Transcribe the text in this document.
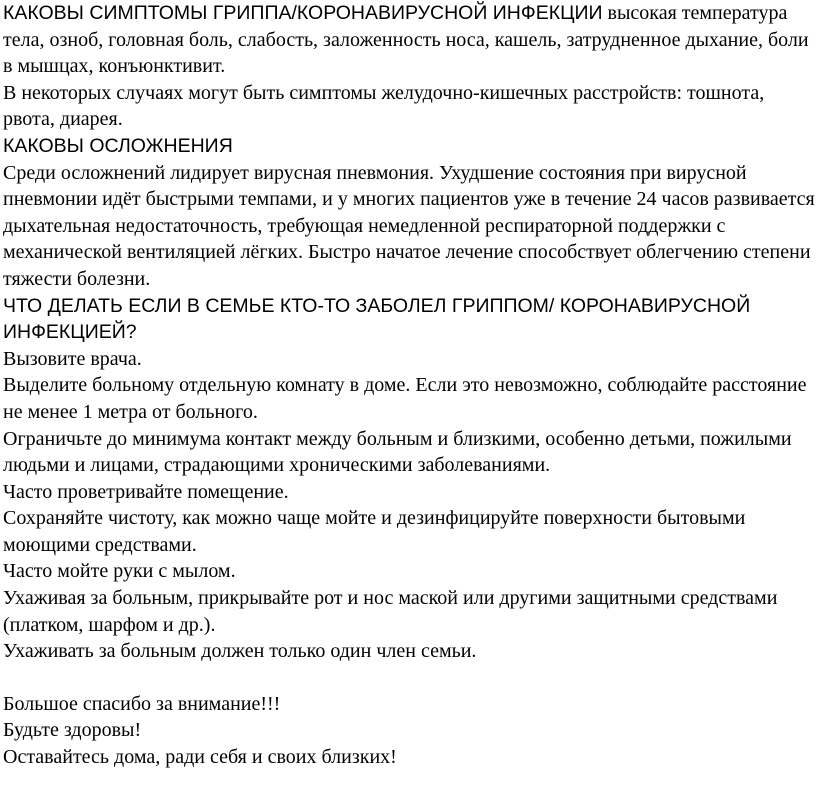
КАКОВЫ СИМПТОМЫ ГРИППА/КОРОНАВИРУСНОЙ ИНФЕКЦИИ высокая температура тела, озноб, головная боль, слабость, заложенность носа, кашель, затрудненное дыхание, боли в мышцах, конъюнктивит.

В некоторых случаях могут быть симптомы желудочно-кишечных расстройств: тошнота, рвота, диарея.

КАКОВЫ ОСЛОЖНЕНИЯ

Среди осложнений лидирует вирусная пневмония. Ухудшение состояния при вирусной пневмонии идёт быстрыми темпами, и у многих пациентов уже в течение 24 часов развивается дыхательная недостаточность, требующая немедленной респираторной поддержки с механической вентиляцией лёгких. Быстро начатое лечение способствует облегчению степени тяжести болезни.

ЧТО ДЕЛАТЬ ЕСЛИ В СЕМЬЕ КТО-ТО ЗАБОЛЕЛ ГРИППОМ/ КОРОНАВИРУСНОЙ ИНФЕКЦИЕЙ?

Вызовите врача.

Выделите больному отдельную комнату в доме. Если это невозможно, соблюдайте расстояние не менее 1 метра от больного.

Ограничьте до минимума контакт между больным и близкими, особенно детьми, пожилыми людьми и лицами, страдающими хроническими заболеваниями.

Часто проветривайте помещение.

Сохраняйте чистоту, как можно чаще мойте и дезинфицируйте поверхности бытовыми моющими средствами.

Часто мойте руки с мылом.

Ухаживая за больным, прикрывайте рот и нос маской или другими защитными средствами (платком, шарфом и др.).

Ухаживать за больным должен только один член семьи.

Большое спасибо за внимание!!!

Будьте здоровы!

Оставайтесь дома, ради себя и своих близких!
